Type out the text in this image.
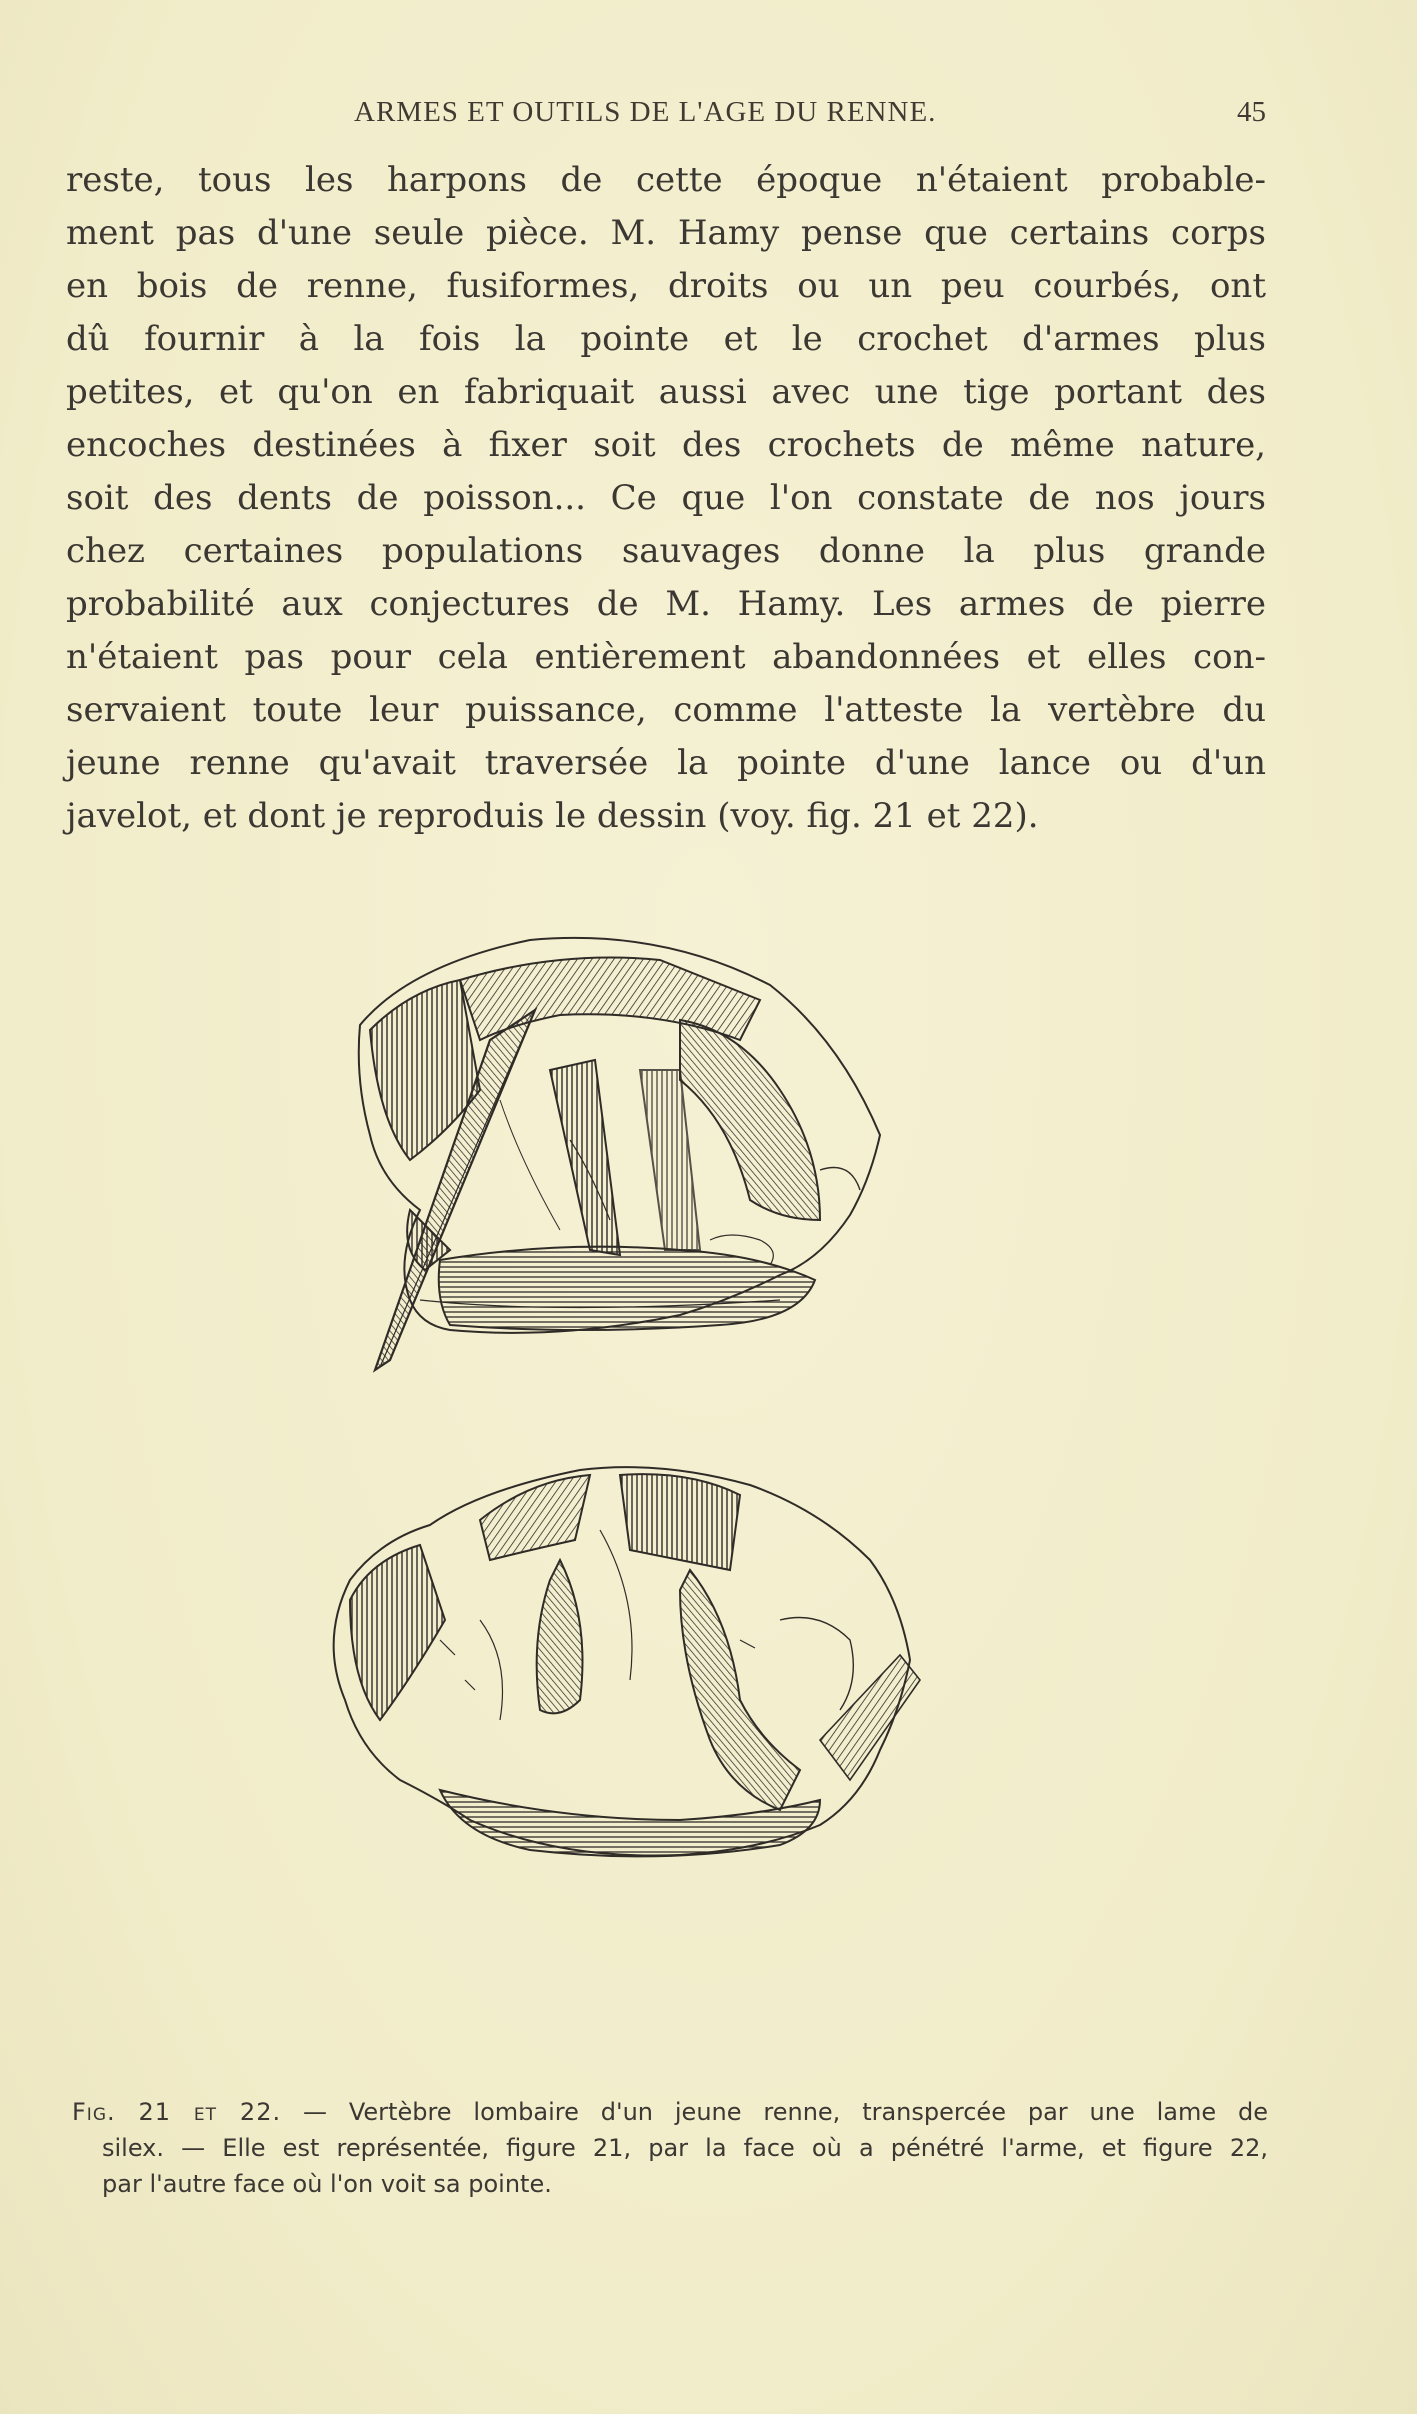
ARMES ET OUTILS DE L'AGE DU RENNE.	45

reste, tous les harpons de cette époque n'étaient probable-
ment pas d'une seule pièce. M. Hamy pense que certains corps
en bois de renne, fusiformes, droits ou un peu courbés, ont
dû fournir à la fois la pointe et le crochet d'armes plus
petites, et qu'on en fabriquait aussi avec une tige portant des
encoches destinées à fixer soit des crochets de même nature,
soit des dents de poisson... Ce que l'on constate de nos jours
chez certaines populations sauvages donne la plus grande
probabilité aux conjectures de M. Hamy. Les armes de pierre
n'étaient pas pour cela entièrement abandonnées et elles con-
servaient toute leur puissance, comme l'atteste la vertèbre du
jeune renne qu'avait traversée la pointe d'une lance ou d'un
javelot, et dont je reproduis le dessin (voy. fig. 21 et 22).

Fig. 21 et 22. — Vertèbre lombaire d'un jeune renne, transpercée par une lame de
silex. — Elle est représentée, figure 21, par la face où a pénétré l'arme, et figure 22,
par l'autre face où l'on voit sa pointe.
